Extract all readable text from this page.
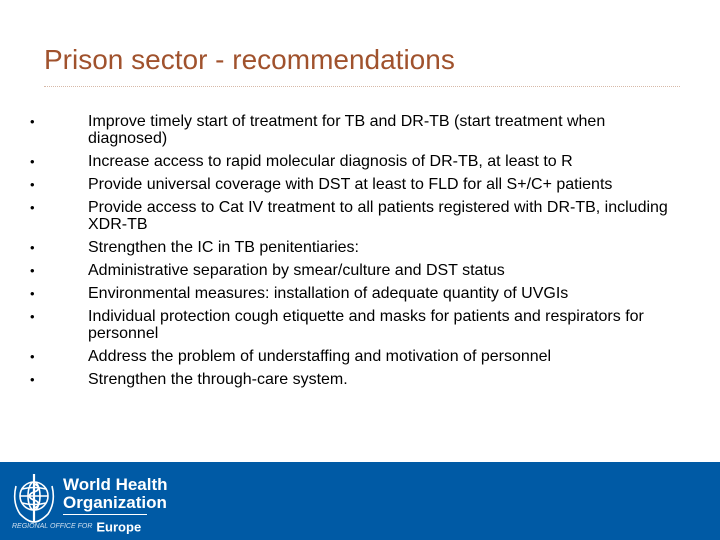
Prison sector - recommendations
•	Improve timely start of treatment for TB and DR-TB (start treatment when diagnosed)
•	Increase access to rapid molecular diagnosis of DR-TB, at least to R
•	Provide universal coverage with DST at least to FLD for all S+/C+ patients
•	Provide access to Cat IV treatment to all patients registered with DR-TB, including XDR-TB
•	Strengthen the IC in TB penitentiaries:
•	Administrative separation by smear/culture and DST status
•	Environmental measures: installation of adequate quantity of UVGIs
•	Individual protection cough etiquette and masks for patients and respirators for personnel
•	Address the problem of understaffing and motivation of personnel
•	Strengthen the through-care system.
World Health
Organization
REGIONAL OFFICE FOR Europe
